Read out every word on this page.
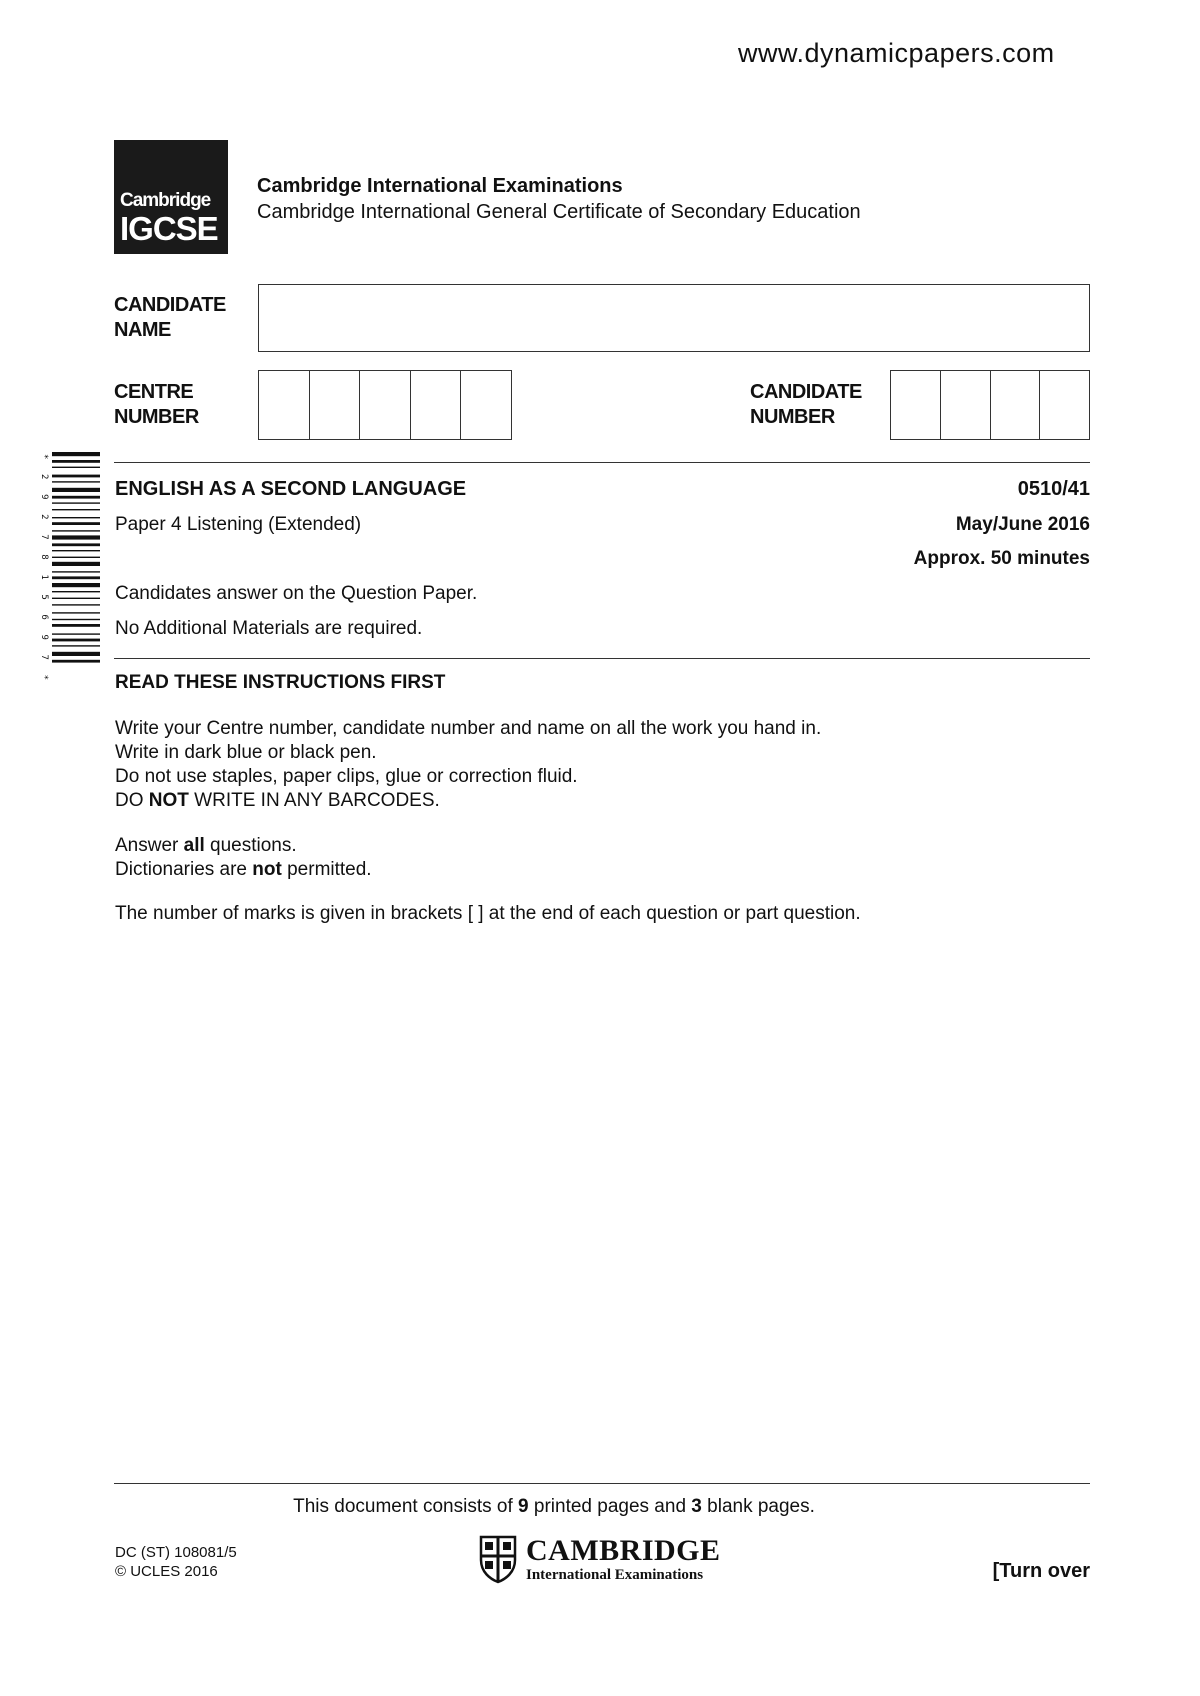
www.dynamicpapers.com
Cambridge
IGCSE
Cambridge International Examinations
Cambridge International General Certificate of Secondary Education
CANDIDATE
NAME
CENTRE
NUMBER
CANDIDATE
NUMBER
*2927815697*
ENGLISH AS A SECOND LANGUAGE	0510/41
Paper 4 Listening (Extended)	May/June 2016
Approx. 50 minutes
Candidates answer on the Question Paper.
No Additional Materials are required.
READ THESE INSTRUCTIONS FIRST
Write your Centre number, candidate number and name on all the work you hand in.
Write in dark blue or black pen.
Do not use staples, paper clips, glue or correction fluid.
DO NOT WRITE IN ANY BARCODES.
Answer all questions.
Dictionaries are not permitted.
The number of marks is given in brackets [ ] at the end of each question or part question.
This document consists of 9 printed pages and 3 blank pages.
DC (ST) 108081/5
© UCLES 2016
CAMBRIDGE
International Examinations	[Turn over
